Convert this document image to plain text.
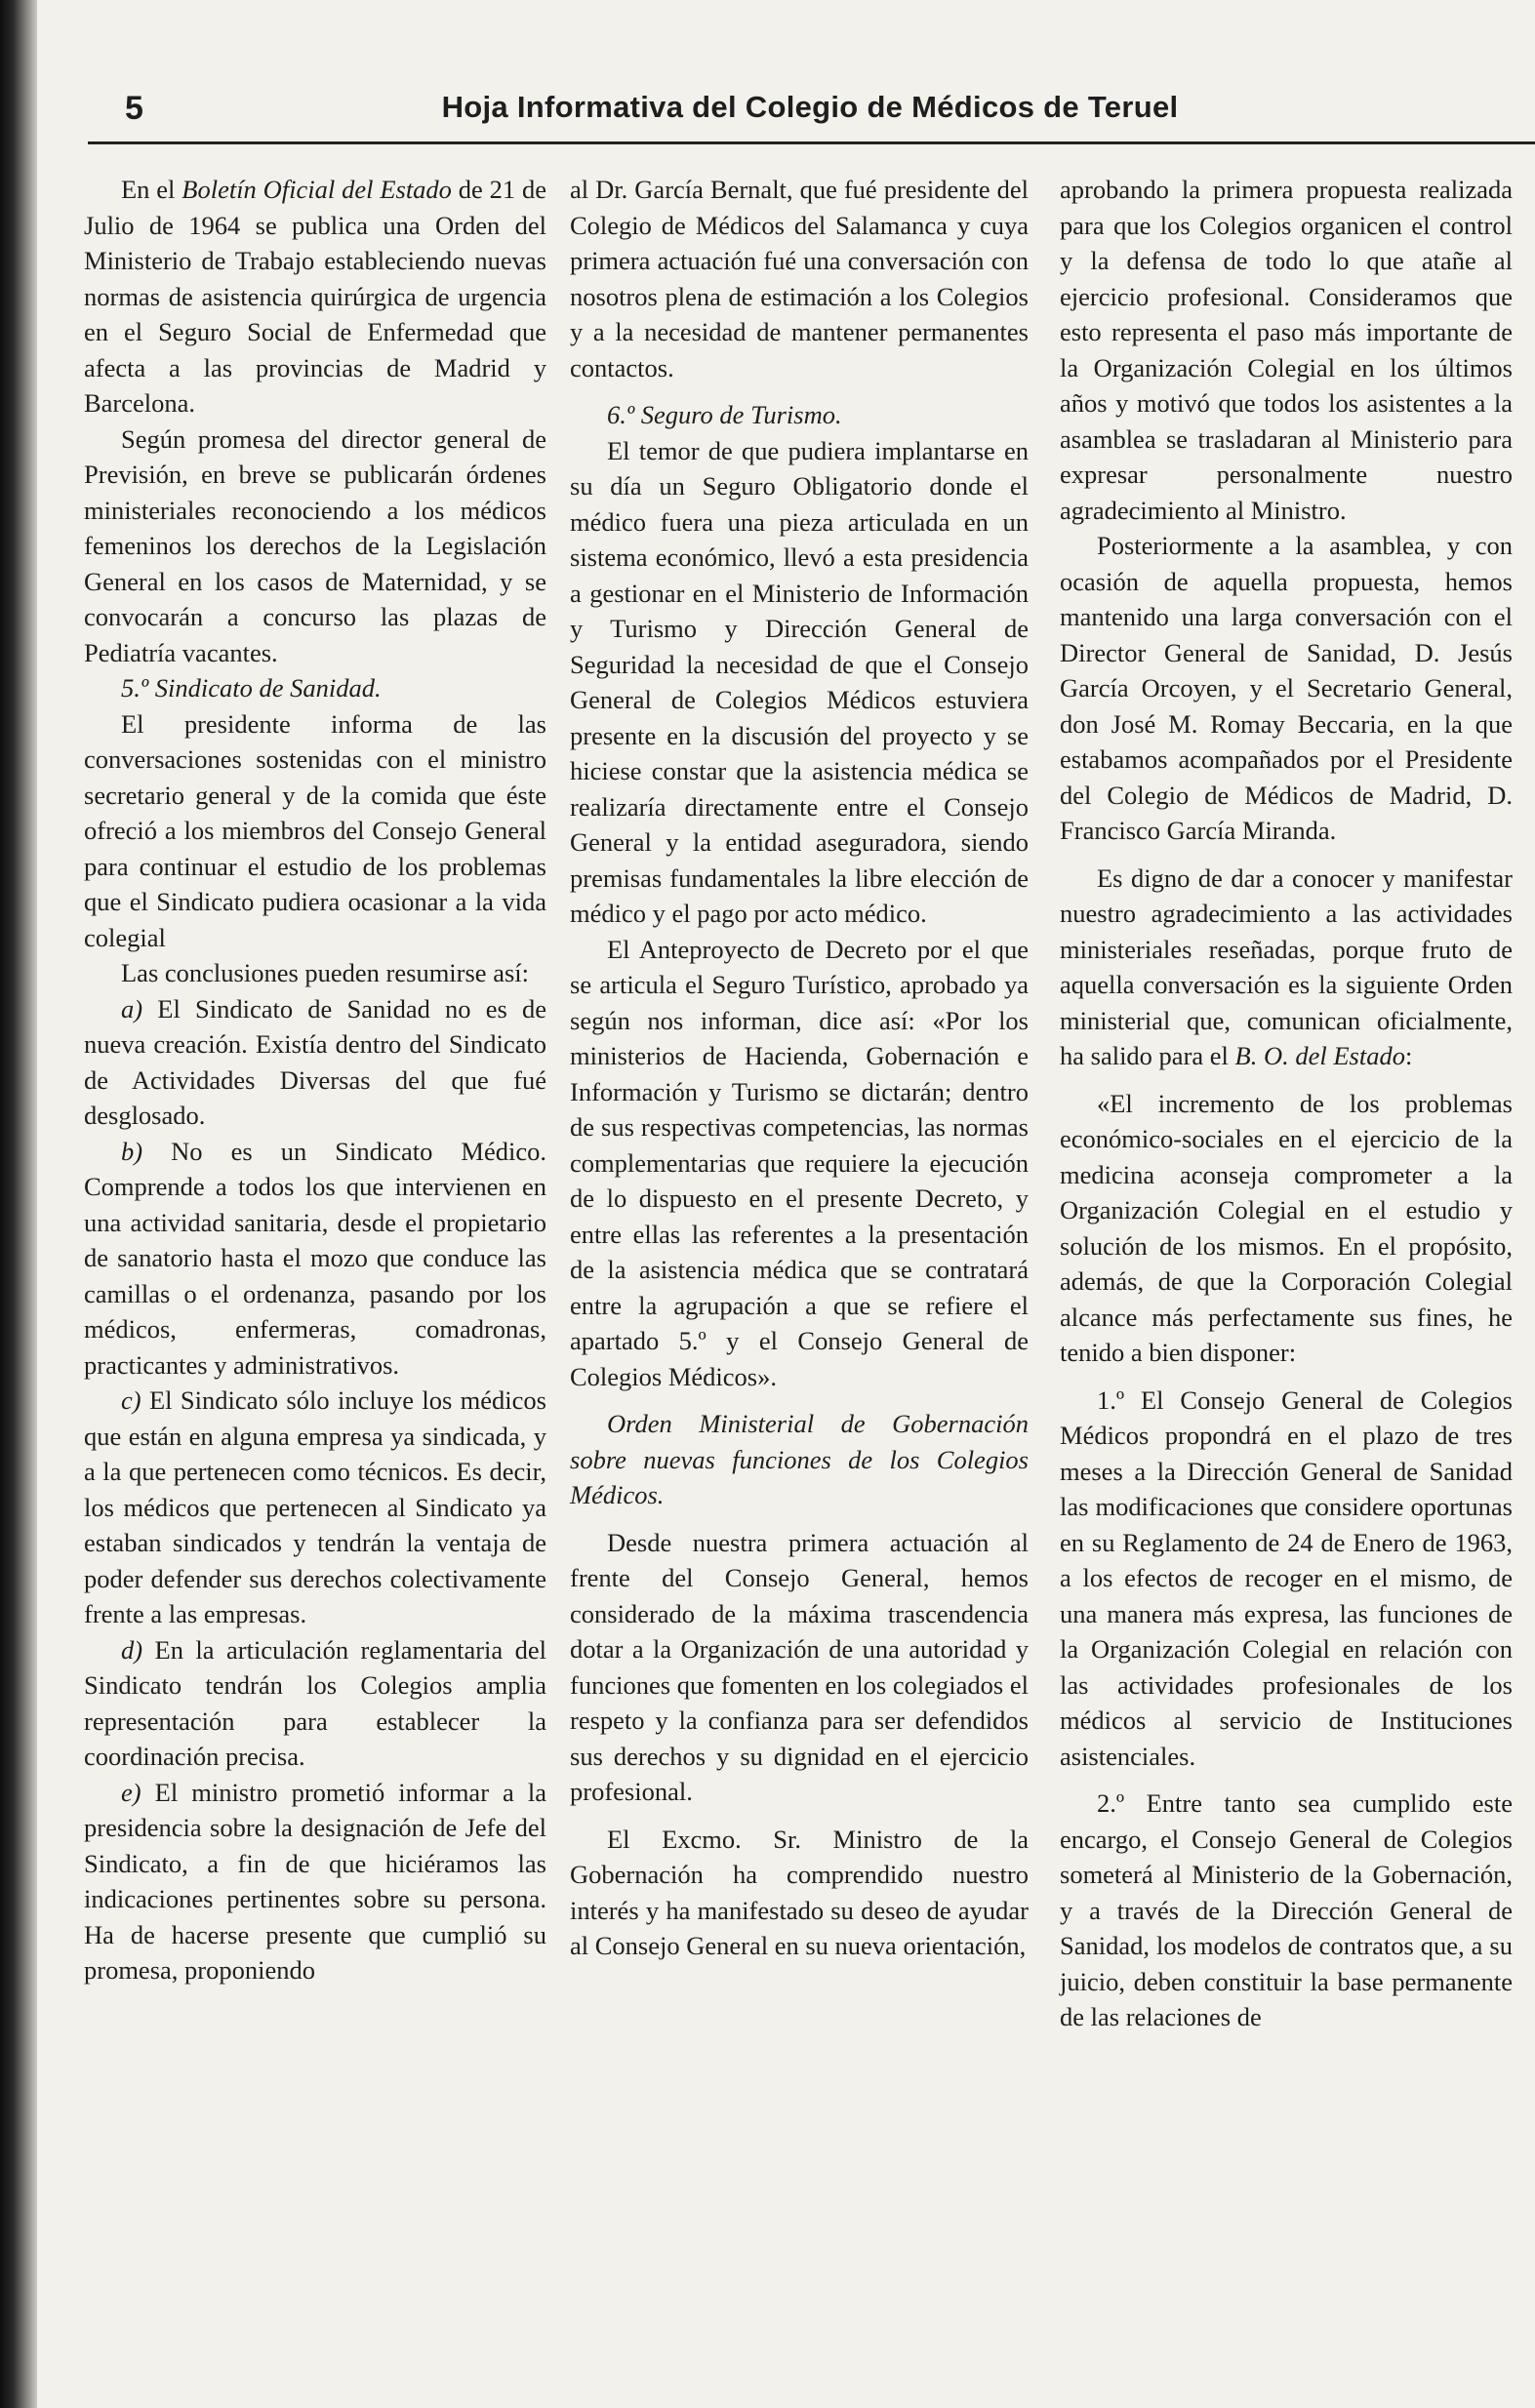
5	Hoja Informativa del Colegio de Médicos de Teruel

En el Boletín Oficial del Estado de 21 de Julio de 1964 se publica una Orden del Ministerio de Trabajo estableciendo nuevas normas de asistencia quirúrgica de urgencia en el Seguro Social de Enfermedad que afecta a las provincias de Madrid y Barcelona.

Según promesa del director general de Previsión, en breve se publicarán órdenes ministeriales reconociendo a los médicos femeninos los derechos de la Legislación General en los casos de Maternidad, y se convocarán a concurso las plazas de Pediatría vacantes.

5.º Sindicato de Sanidad.

El presidente informa de las conversaciones sostenidas con el ministro secretario general y de la comida que éste ofreció a los miembros del Consejo General para continuar el estudio de los problemas que el Sindicato pudiera ocasionar a la vida colegial

Las conclusiones pueden resumirse así:

a) El Sindicato de Sanidad no es de nueva creación. Existía dentro del Sindicato de Actividades Diversas del que fué desglosado.

b) No es un Sindicato Médico. Comprende a todos los que intervienen en una actividad sanitaria, desde el propietario de sanatorio hasta el mozo que conduce las camillas o el ordenanza, pasando por los médicos, enfermeras, comadronas, practicantes y administrativos.

c) El Sindicato sólo incluye los médicos que están en alguna empresa ya sindicada, y a la que pertenecen como técnicos. Es decir, los médicos que pertenecen al Sindicato ya estaban sindicados y tendrán la ventaja de poder defender sus derechos colectivamente frente a las empresas.

d) En la articulación reglamentaria del Sindicato tendrán los Colegios amplia representación para establecer la coordinación precisa.

e) El ministro prometió informar a la presidencia sobre la designación de Jefe del Sindicato, a fin de que hiciéramos las indicaciones pertinentes sobre su persona. Ha de hacerse presente que cumplió su promesa, proponiendo

al Dr. García Bernalt, que fué presidente del Colegio de Médicos del Salamanca y cuya primera actuación fué una conversación con nosotros plena de estimación a los Colegios y a la necesidad de mantener permanentes contactos.

6.º Seguro de Turismo.

El temor de que pudiera implantarse en su día un Seguro Obligatorio donde el médico fuera una pieza articulada en un sistema económico, llevó a esta presidencia a gestionar en el Ministerio de Información y Turismo y Dirección General de Seguridad la necesidad de que el Consejo General de Colegios Médicos estuviera presente en la discusión del proyecto y se hiciese constar que la asistencia médica se realizaría directamente entre el Consejo General y la entidad aseguradora, siendo premisas fundamentales la libre elección de médico y el pago por acto médico.

El Anteproyecto de Decreto por el que se articula el Seguro Turístico, aprobado ya según nos informan, dice así: «Por los ministerios de Hacienda, Gobernación e Información y Turismo se dictarán; dentro de sus respectivas competencias, las normas complementarias que requiere la ejecución de lo dispuesto en el presente Decreto, y entre ellas las referentes a la presentación de la asistencia médica que se contratará entre la agrupación a que se refiere el apartado 5.º y el Consejo General de Colegios Médicos».

Orden Ministerial de Gobernación sobre nuevas funciones de los Colegios Médicos.

Desde nuestra primera actuación al frente del Consejo General, hemos considerado de la máxima trascendencia dotar a la Organización de una autoridad y funciones que fomenten en los colegiados el respeto y la confianza para ser defendidos sus derechos y su dignidad en el ejercicio profesional.

El Excmo. Sr. Ministro de la Gobernación ha comprendido nuestro interés y ha manifestado su deseo de ayudar al Consejo General en su nueva orientación,

aprobando la primera propuesta realizada para que los Colegios organicen el control y la defensa de todo lo que atañe al ejercicio profesional. Consideramos que esto representa el paso más importante de la Organización Colegial en los últimos años y motivó que todos los asistentes a la asamblea se trasladaran al Ministerio para expresar personalmente nuestro agradecimiento al Ministro.

Posteriormente a la asamblea, y con ocasión de aquella propuesta, hemos mantenido una larga conversación con el Director General de Sanidad, D. Jesús García Orcoyen, y el Secretario General, don José M. Romay Beccaria, en la que estabamos acompañados por el Presidente del Colegio de Médicos de Madrid, D. Francisco García Miranda.

Es digno de dar a conocer y manifestar nuestro agradecimiento a las actividades ministeriales reseñadas, porque fruto de aquella conversación es la siguiente Orden ministerial que, comunican oficialmente, ha salido para el B. O. del Estado:

«El incremento de los problemas económico-sociales en el ejercicio de la medicina aconseja comprometer a la Organización Colegial en el estudio y solución de los mismos. En el propósito, además, de que la Corporación Colegial alcance más perfectamente sus fines, he tenido a bien disponer:

1.º El Consejo General de Colegios Médicos propondrá en el plazo de tres meses a la Dirección General de Sanidad las modificaciones que considere oportunas en su Reglamento de 24 de Enero de 1963, a los efectos de recoger en el mismo, de una manera más expresa, las funciones de la Organización Colegial en relación con las actividades profesionales de los médicos al servicio de Instituciones asistenciales.

2.º Entre tanto sea cumplido este encargo, el Consejo General de Colegios someterá al Ministerio de la Gobernación, y a través de la Dirección General de Sanidad, los modelos de contratos que, a su juicio, deben constituir la base permanente de las relaciones de
